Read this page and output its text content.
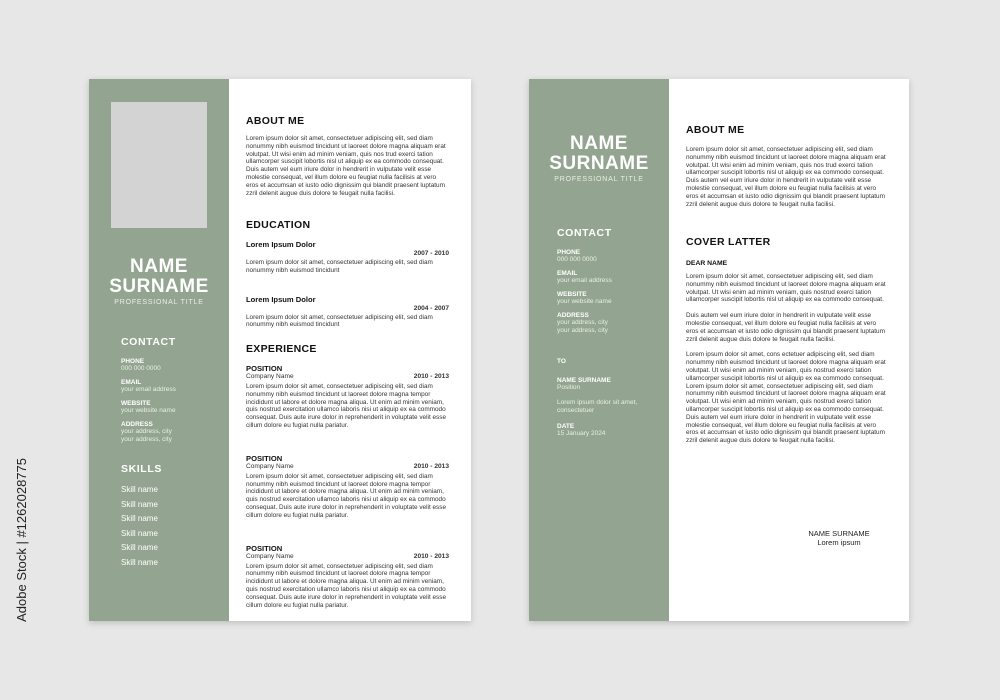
Adobe Stock | #1262028775
NAME
SURNAME
PROFESSIONAL TITLE
CONTACT
PHONE
000 000 0000
EMAIL
your email address
WEBSITE
your website name
ADDRESS
your address, city
your address, city
SKILLS
Skill name
Skill name
Skill name
Skill name
Skill name
Skill name
ABOUT ME
Lorem ipsum dolor sit amet, consectetuer adipiscing elit, sed diam nonummy nibh euismod tincidunt ut laoreet dolore magna aliquam erat volutpat. Ut wisi enim ad minim veniam, quis nos trud exerci tation ullamcorper suscipit lobortis nisl ut aliquip ex ea commodo consequat. Duis autem vel eum iriure dolor in hendrerit in vulputate velit esse molestie consequat, vel illum dolore eu feugiat nulla facilisis at vero eros et accumsan et iusto odio dignissim qui blandit praesent luptatum zzril delenit augue duis dolore te feugait nulla facilisi.
EDUCATION
Lorem Ipsum Dolor
2007 - 2010
Lorem ipsum dolor sit amet, consectetuer adipiscing elit, sed diam nonummy nibh euismod tincidunt
Lorem Ipsum Dolor
2004 - 2007
Lorem ipsum dolor sit amet, consectetuer adipiscing elit, sed diam nonummy nibh euismod tincidunt
EXPERIENCE
POSITION
Company Name	2010 - 2013
Lorem ipsum dolor sit amet, consectetuer adipiscing elit, sed diam nonummy nibh euismod tincidunt ut laoreet dolore magna tempor incididunt ut labore et dolore magna aliqua. Ut enim ad minim veniam, quis nostrud exercitation ullamco laboris nisi ut aliquip ex ea commodo consequat. Duis aute irure dolor in reprehenderit in voluptate velit esse cillum dolore eu fugiat nulla pariatur.
POSITION
Company Name	2010 - 2013
Lorem ipsum dolor sit amet, consectetuer adipiscing elit, sed diam nonummy nibh euismod tincidunt ut laoreet dolore magna tempor incididunt ut labore et dolore magna aliqua. Ut enim ad minim veniam, quis nostrud exercitation ullamco laboris nisi ut aliquip ex ea commodo consequat. Duis aute irure dolor in reprehenderit in voluptate velit esse cillum dolore eu fugiat nulla pariatur.
POSITION
Company Name	2010 - 2013
Lorem ipsum dolor sit amet, consectetuer adipiscing elit, sed diam nonummy nibh euismod tincidunt ut laoreet dolore magna tempor incididunt ut labore et dolore magna aliqua. Ut enim ad minim veniam, quis nostrud exercitation ullamco laboris nisi ut aliquip ex ea commodo consequat. Duis aute irure dolor in reprehenderit in voluptate velit esse cillum dolore eu fugiat nulla pariatur.
NAME
SURNAME
PROFESSIONAL TITLE
CONTACT
PHONE
000 000 0000
EMAIL
your email address
WEBSITE
your website name
ADDRESS
your address, city
your address, city
TO
NAME SURNAME
Position
Lorem ipsum dolor sit amet, consectetuer
DATE
15 January 2024
ABOUT ME
Lorem ipsum dolor sit amet, consectetuer adipiscing elit, sed diam nonummy nibh euismod tincidunt ut laoreet dolore magna aliquam erat volutpat. Ut wisi enim ad minim veniam, quis nos trud exerci tation ullamcorper suscipit lobortis nisl ut aliquip ex ea commodo consequat. Duis autem vel eum iriure dolor in hendrerit in vulputate velit esse molestie consequat, vel illum dolore eu feugiat nulla facilisis at vero eros et accumsan et iusto odio dignissim qui blandit praesent luptatum zzril delenit augue duis dolore te feugait nulla facilisi.
COVER LATTER
DEAR NAME
Lorem ipsum dolor sit amet, consectetuer adipiscing elit, sed diam nonummy nibh euismod tincidunt ut laoreet dolore magna aliquam erat volutpat. Ut wisi enim ad minim veniam, quis nostrud exerci tation ullamcorper suscipit lobortis nisl ut aliquip ex ea commodo consequat.
Duis autem vel eum iriure dolor in hendrerit in vulputate velit esse molestie consequat, vel illum dolore eu feugiat nulla facilisis at vero eros et accumsan et iusto odio dignissim qui blandit praesent luptatum zzril delenit augue duis dolore te feugait nulla facilisi.
Lorem ipsum dolor sit amet, cons ectetuer adipiscing elit, sed diam nonummy nibh euismod tincidunt ut laoreet dolore magna aliquam erat volutpat. Ut wisi enim ad minim veniam, quis nostrud exerci tation ullamcorper suscipit lobortis nisl ut aliquip ex ea commodo consequat. Lorem ipsum dolor sit amet, consectetuer adipiscing elit, sed diam nonummy nibh euismod tincidunt ut laoreet dolore magna aliquam erat volutpat. Ut wisi enim ad minim veniam, quis nostrud exerci tation ullamcorper suscipit lobortis nisl ut aliquip ex ea commodo consequat. Duis autem vel eum iriure dolor in hendrerit in vulputate velit esse molestie consequat, vel illum dolore eu feugiat nulla facilisis at vero eros et accumsan et iusto odio dignissim qui blandit praesent luptatum zzril delenit augue duis dolore te feugait nulla facilisi.
NAME SURNAME
Lorem ipsum
